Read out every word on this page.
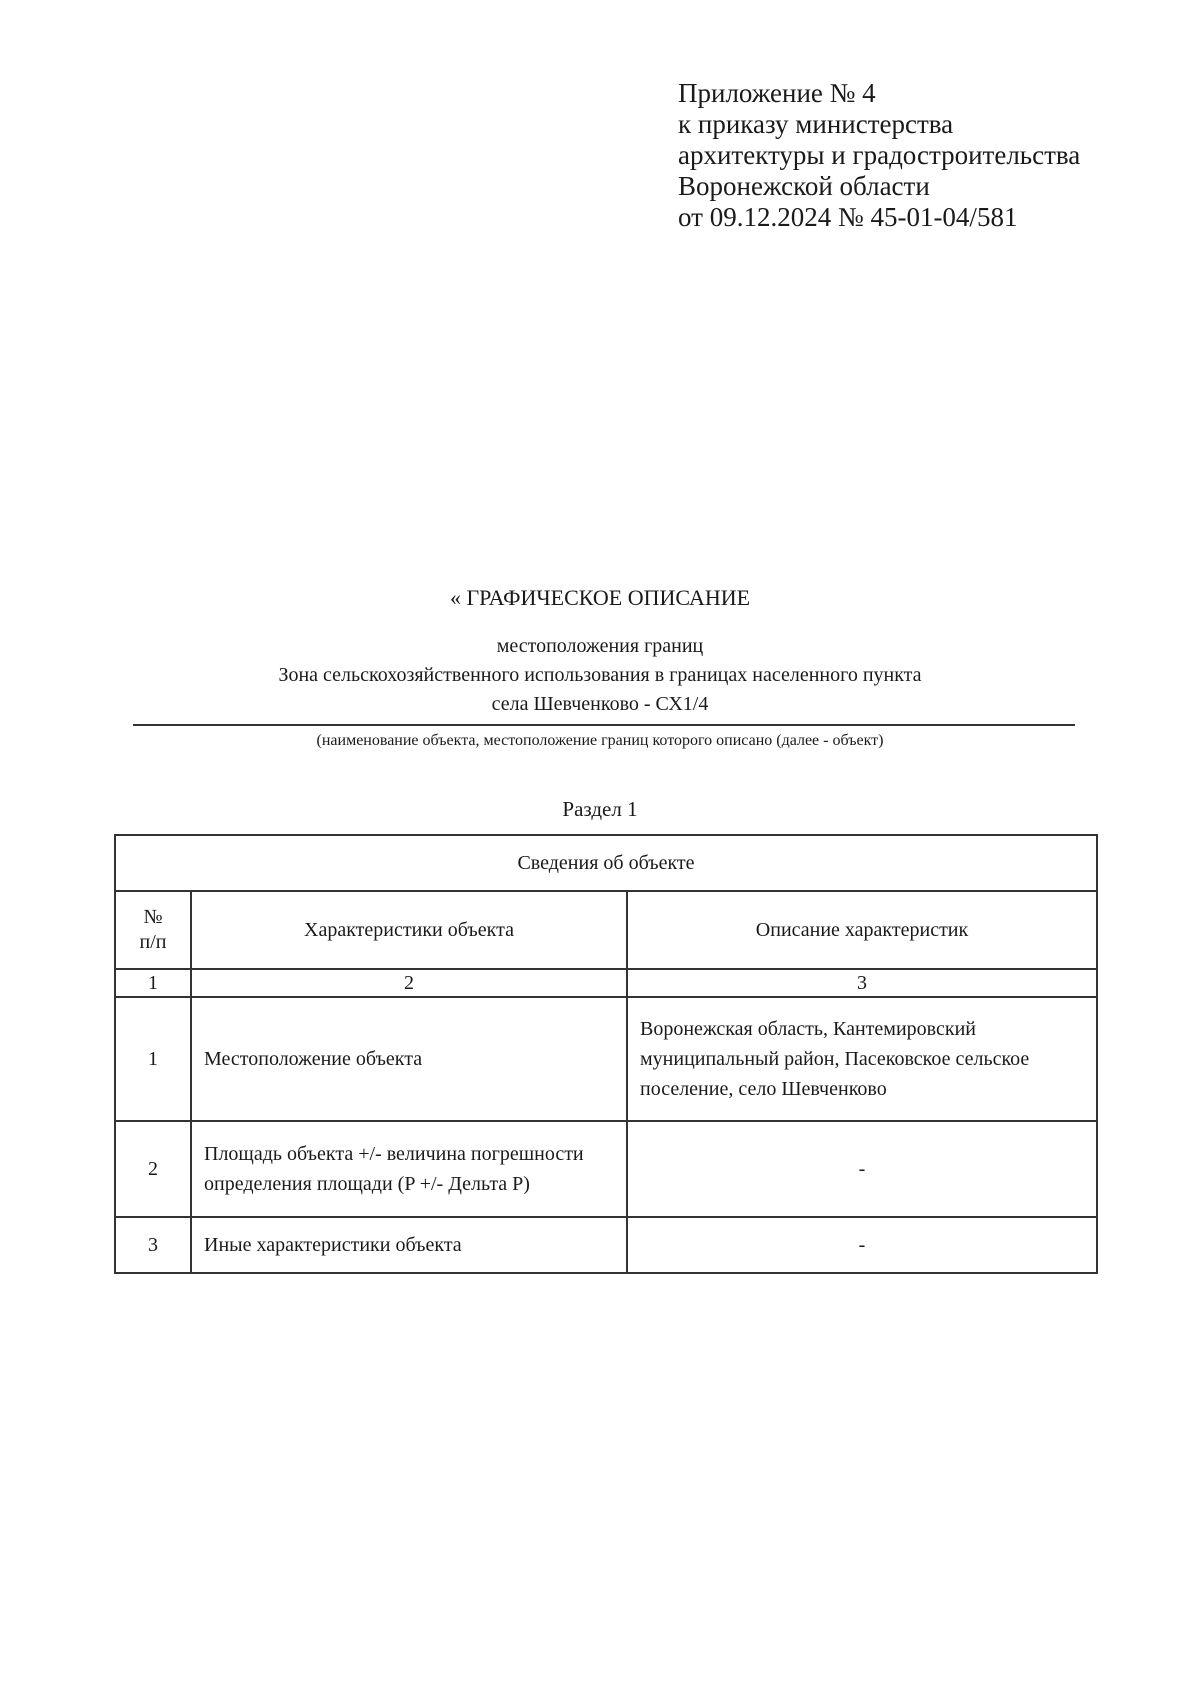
Приложение № 4
к приказу министерства
архитектуры и градостроительства
Воронежской области
от 09.12.2024 № 45-01-04/581
« ГРАФИЧЕСКОЕ ОПИСАНИЕ
местоположения границ
Зона сельскохозяйственного использования в границах населенного пункта
села Шевченково - СХ1/4
(наименование объекта, местоположение границ которого описано (далее - объект)
Раздел 1
Сведения об объекте		

№
п/п	Характеристики объекта	Описание характеристик
1	2	3
1	Местоположение объекта	Воронежская область, Кантемировский муниципальный район, Пасековское сельское поселение, село Шевченково
2	Площадь объекта +/- величина погрешности определения площади (P +/- Дельта P)	-
3	Иные характеристики объекта	-
